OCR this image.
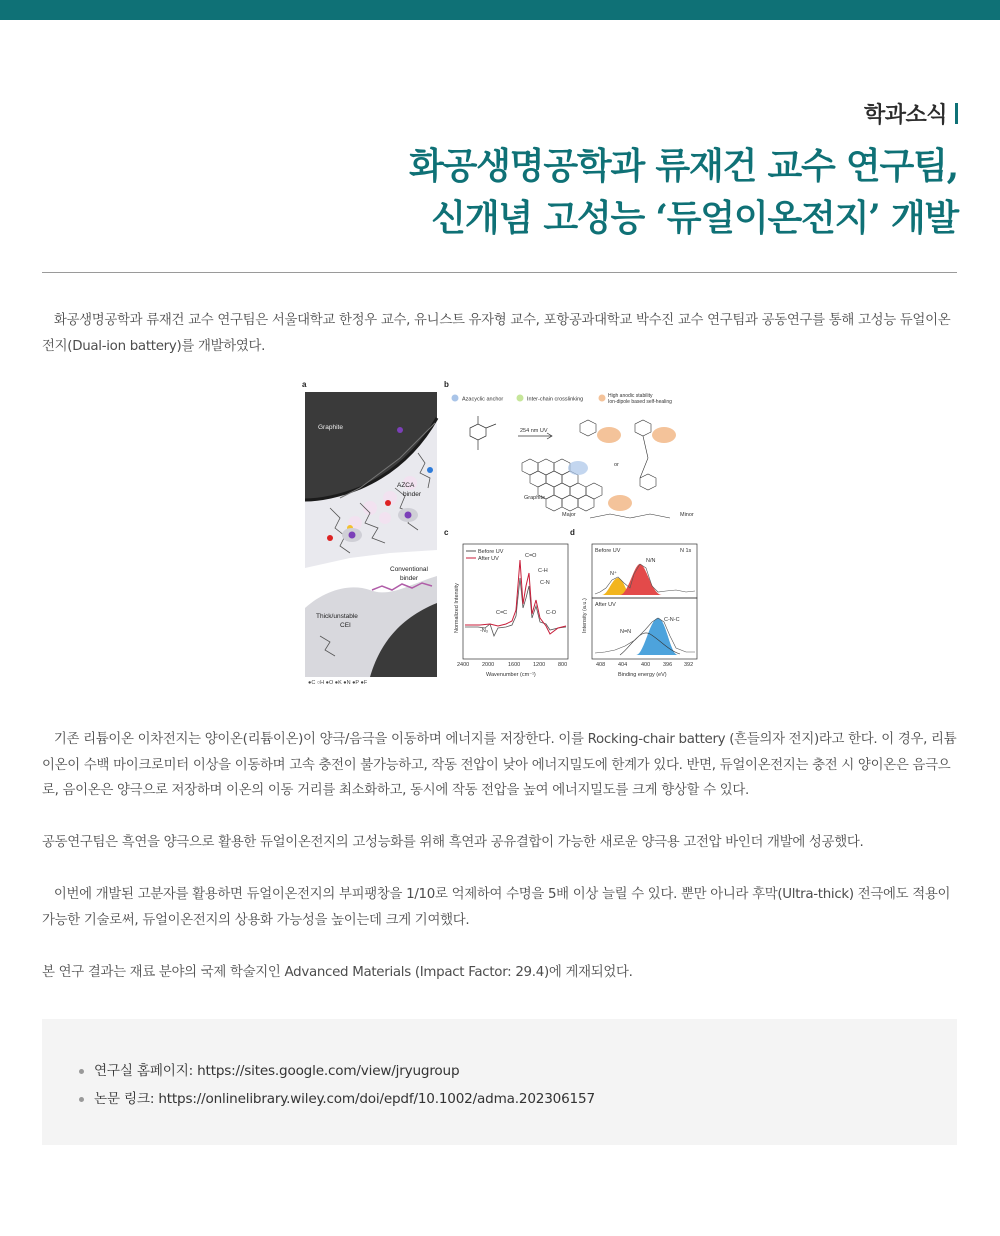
학과소식
화공생명공학과 류재건 교수 연구팀,
신개념 고성능 ‘듀얼이온전지’ 개발
화공생명공학과 류재건 교수 연구팀은 서울대학교 한정우 교수, 유니스트 유자형 교수, 포항공과대학교 박수진 교수 연구팀과 공동연구를 통해 고성능 듀얼이온전지(Dual-ion battery)를 개발하였다.
a
Graphite
AZCA
binder
Conventional
binder
Thick/unstable
CEI
●C ○H ●O ●K ●N ●P ●F
b
Azacyclic anchor	Inter-chain crosslinking
High anodic stability
Ion-dipole based self-healing
254 nm UV
Graphite
Major
or
Minor
c
Before UV
After UV	C=O
C-H
C-N
C=C	C-O
-N₃
Normalized Intensity
2400 2000	1600 1200 800
Wavenumber (cm⁻¹)
d
Before UV	N 1s
N⁺
N/N
After UV
C-N-C
N=N
Intensity (a.u.)
408 404	400 396 392
Binding energy (eV)
기존 리튬이온 이차전지는 양이온(리튬이온)이 양극/음극을 이동하며 에너지를 저장한다. 이를 Rocking-chair battery (흔들의자 전지)라고 한다. 이 경우, 리튬이온이 수백 마이크로미터 이상을 이동하며 고속 충전이 불가능하고, 작동 전압이 낮아 에너지밀도에 한계가 있다. 반면, 듀얼이온전지는 충전 시 양이온은 음극으로, 음이온은 양극으로 저장하며 이온의 이동 거리를 최소화하고, 동시에 작동 전압을 높여 에너지밀도를 크게 향상할 수 있다.
공동연구팀은 흑연을 양극으로 활용한 듀얼이온전지의 고성능화를 위해 흑연과 공유결합이 가능한 새로운 양극용 고전압 바인더 개발에 성공했다.
이번에 개발된 고분자를 활용하면 듀얼이온전지의 부피팽창을 1/10로 억제하여 수명을 5배 이상 늘릴 수 있다. 뿐만 아니라 후막(Ultra-thick) 전극에도 적용이 가능한 기술로써, 듀얼이온전지의 상용화 가능성을 높이는데 크게 기여했다.
본 연구 결과는 재료 분야의 국제 학술지인 Advanced Materials (Impact Factor: 29.4)에 게재되었다.
연구실 홈페이지: https://sites.google.com/view/jryugroup
논문 링크: https://onlinelibrary.wiley.com/doi/epdf/10.1002/adma.202306157
